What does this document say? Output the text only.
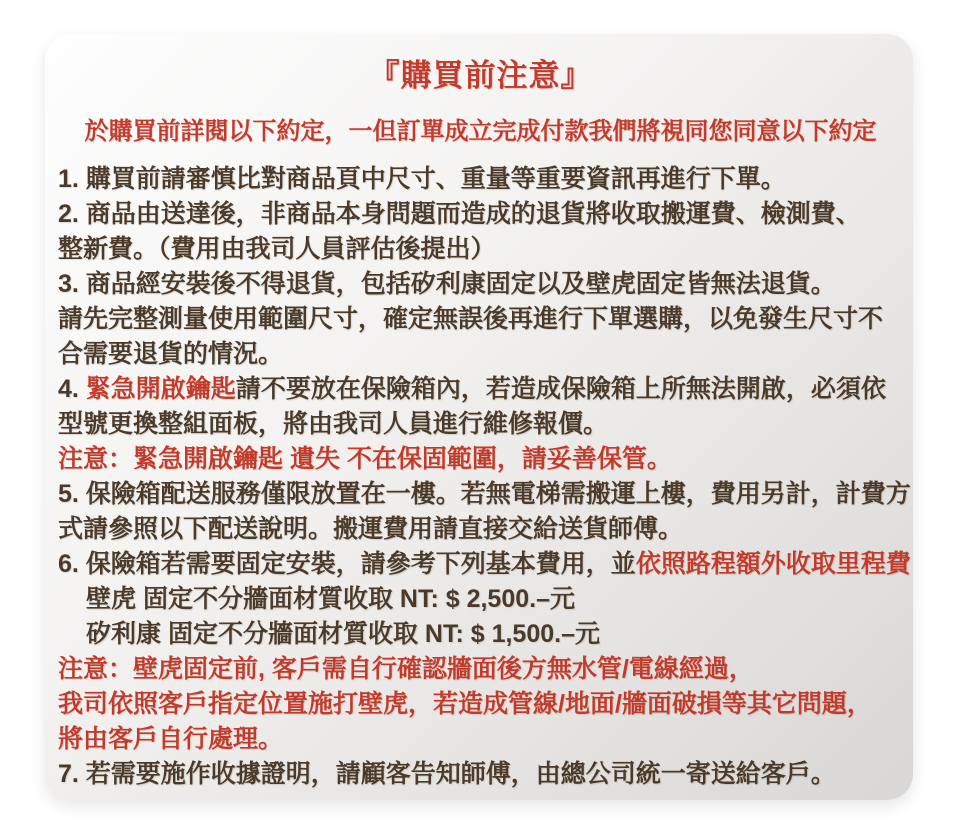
『購買前注意』
於購買前詳閱以下約定，一但訂單成立完成付款我們將視同您同意以下約定
1. 購買前請審慎比對商品頁中尺寸、重量等重要資訊再進行下單。
2. 商品由送達後，非商品本身問題而造成的退貨將收取搬運費、檢測費、
整新費。（費用由我司人員評估後提出）
3. 商品經安裝後不得退貨，包括矽利康固定以及壁虎固定皆無法退貨。
請先完整測量使用範圍尺寸，確定無誤後再進行下單選購，以免發生尺寸不
合需要退貨的情況。
4. 緊急開啟鑰匙請不要放在保險箱內，若造成保險箱上所無法開啟，必須依
型號更換整組面板，將由我司人員進行維修報價。
注意：緊急開啟鑰匙 遺失 不在保固範圍，請妥善保管。
5. 保險箱配送服務僅限放置在一樓。若無電梯需搬運上樓，費用另計，計費方
式請參照以下配送說明。搬運費用請直接交給送貨師傅。
6. 保險箱若需要固定安裝，請參考下列基本費用，並依照路程額外收取里程費
壁虎 固定不分牆面材質收取 NT: $ 2,500.–元
矽利康 固定不分牆面材質收取 NT: $ 1,500.–元
注意：壁虎固定前, 客戶需自行確認牆面後方無水管/電線經過，
我司依照客戶指定位置施打壁虎，若造成管線/地面/牆面破損等其它問題，
將由客戶自行處理。
7. 若需要施作收據證明，請顧客告知師傅，由總公司統一寄送給客戶。
